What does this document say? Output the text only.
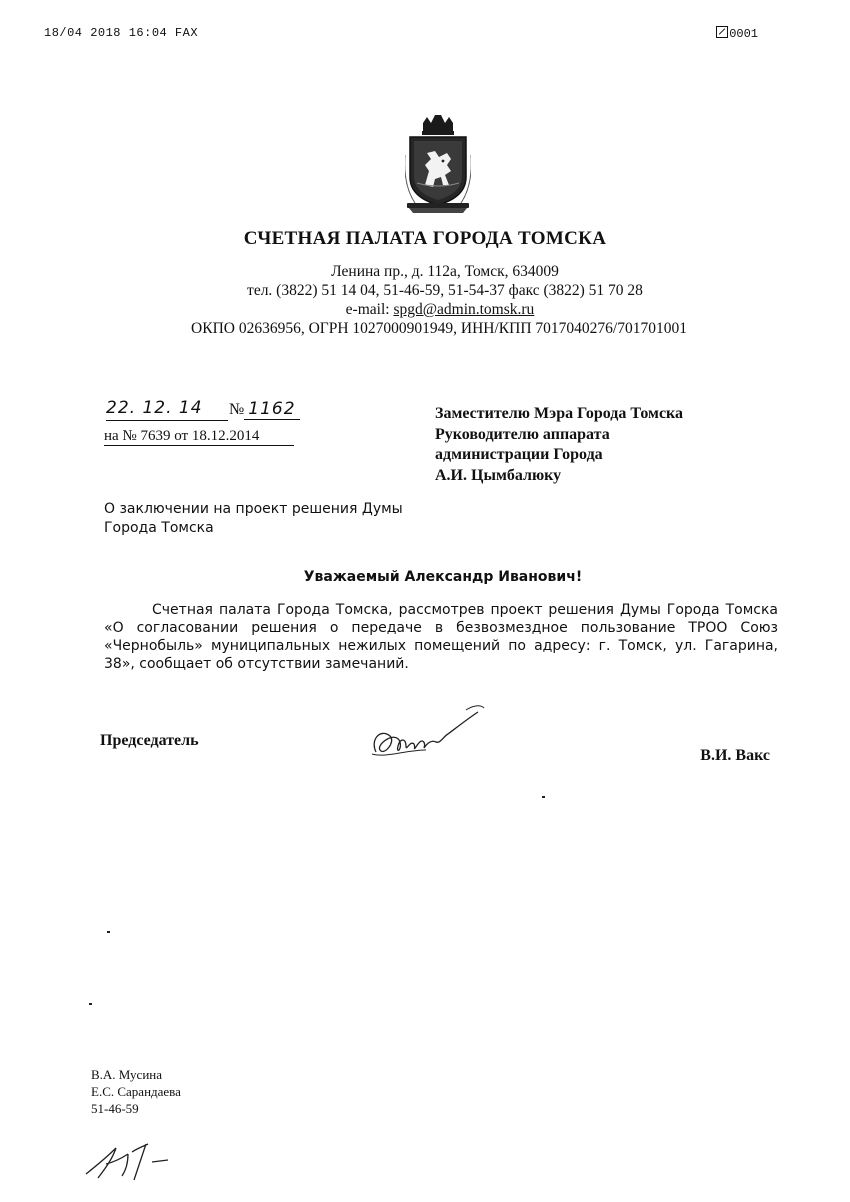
18/04 2018 16:04 FAX	0001
СЧЕТНАЯ ПАЛАТА ГОРОДА ТОМСКА
Ленина пр., д. 112а, Томск, 634009
тел. (3822) 51 14 04, 51-46-59, 51-54-37 факс (3822) 51 70 28
e-mail: spgd@admin.tomsk.ru
ОКПО 02636956, ОГРН 1027000901949, ИНН/КПП 7017040276/701701001
22. 12. 14	№ 1162
на № 7639 от 18.12.2014
Заместителю Мэра Города Томска
Руководителю аппарата
администрации Города
А.И. Цымбалюку
О заключении на проект решения Думы Города Томска
Уважаемый Александр Иванович!
Счетная палата Города Томска, рассмотрев проект решения Думы Города Томска «О согласовании решения о передаче в безвозмездное пользование ТРОО Союз «Чернобыль» муниципальных нежилых помещений по адресу: г. Томск, ул. Гагарина, 38», сообщает об отсутствии замечаний.
Председатель
В.И. Вакс
В.А. Мусина
Е.С. Сарандаева
51-46-59
